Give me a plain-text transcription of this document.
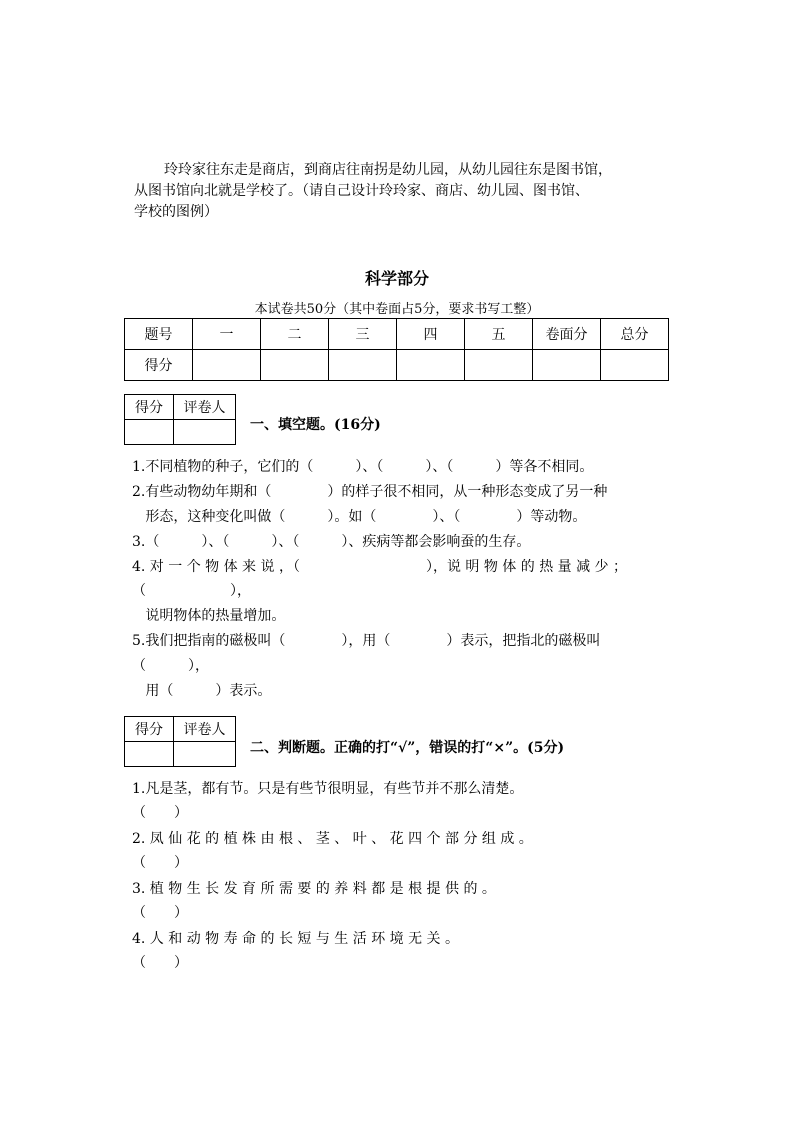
玲玲家往东走是商店，到商店往南拐是幼儿园，从幼儿园往东是图书馆，
从图书馆向北就是学校了。（请自己设计玲玲家、商店、幼儿园、图书馆、
学校的图例）
科学部分
本试卷共50分（其中卷面占5分，要求书写工整）
题号	一	二	三	四	五	卷面分	总分
得分							
得分	评卷人

一、填空题。(16分)
1.不同植物的种子，它们的（　　　）、（　　　）、（　　　）等各不相同。
2.有些动物幼年期和（　　　　）的样子很不相同，从一种形态变成了另一种
形态，这种变化叫做（　　　）。如（　　　　）、（　　　　）等动物。
3.（　　　）、（　　　）、（　　　）、疾病等都会影响蚕的生存。
4. 对 一 个 物 体 来 说 ，（　　　　　　　　　），说 明 物 体 的 热 量 减 少 ；
（　　　　　　），
说明物体的热量增加。
5.我们把指南的磁极叫（　　　　），用（　　　　）表示，把指北的磁极叫
（　　　），
用（　　　）表示。
得分	评卷人

二、判断题。正确的打“√”，错误的打“×”。(5分)
1.凡是茎，都有节。只是有些节很明显，有些节并不那么清楚。
（　　）
2. 凤 仙 花 的 植 株 由 根 、 茎 、 叶 、 花 四 个 部 分 组 成 。
（　　）
3. 植 物 生 长 发 育 所 需 要 的 养 料 都 是 根 提 供 的 。
（　　）
4. 人 和 动 物 寿 命 的 长 短 与 生 活 环 境 无 关 。
（　　）
